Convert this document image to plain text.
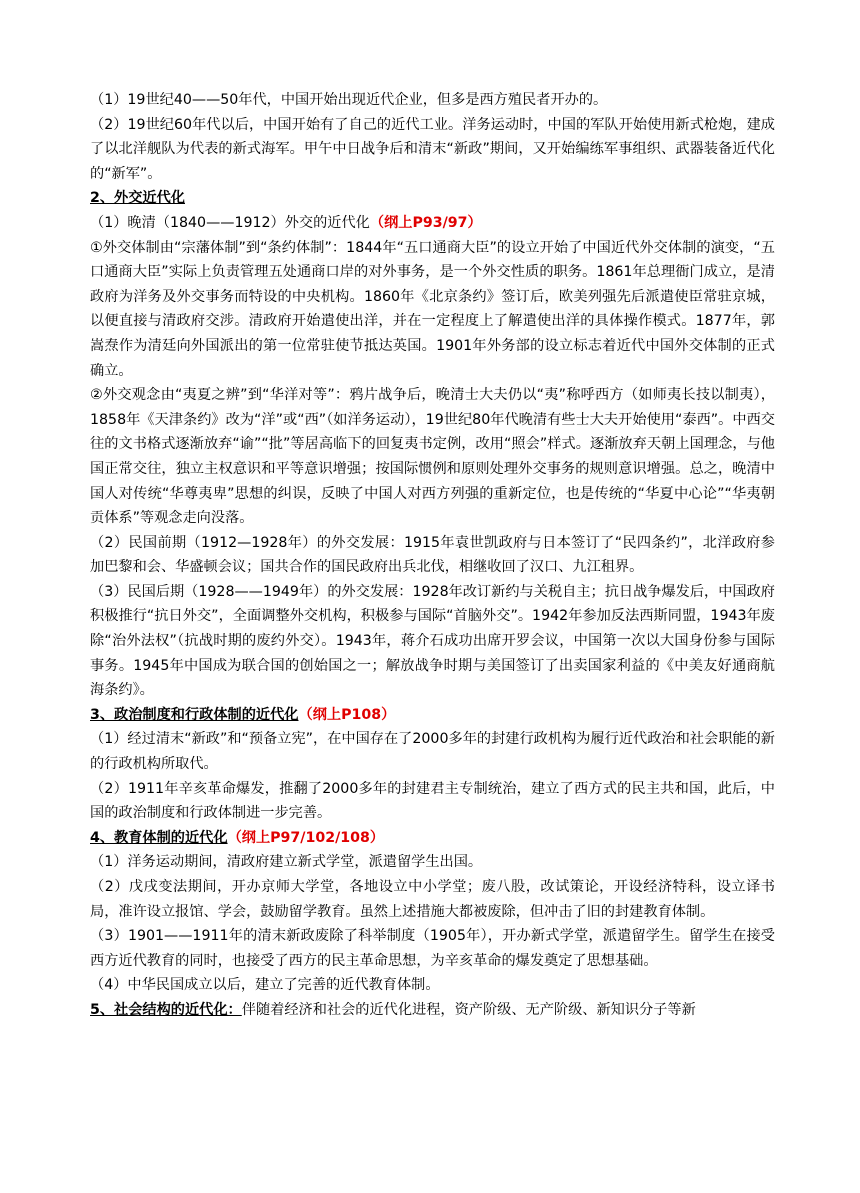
（1）19世纪40——50年代，中国开始出现近代企业，但多是西方殖民者开办的。

（2）19世纪60年代以后，中国开始有了自己的近代工业。洋务运动时，中国的军队开始使用新式枪炮，建成了以北洋舰队为代表的新式海军。甲午中日战争后和清末“新政”期间，又开始编练军事组织、武器装备近代化的“新军”。

2、外交近代化

（1）晚清（1840——1912）外交的近代化（纲上P93/97）

①外交体制由“宗藩体制”到“条约体制”：1844年“五口通商大臣”的设立开始了中国近代外交体制的演变，“五口通商大臣”实际上负责管理五处通商口岸的对外事务，是一个外交性质的职务。1861年总理衙门成立，是清政府为洋务及外交事务而特设的中央机构。1860年《北京条约》签订后，欧美列强先后派遣使臣常驻京城，以便直接与清政府交涉。清政府开始遣使出洋，并在一定程度上了解遣使出洋的具体操作模式。1877年，郭嵩焘作为清廷向外国派出的第一位常驻使节抵达英国。1901年外务部的设立标志着近代中国外交体制的正式确立。

②外交观念由“夷夏之辨”到“华洋对等”：鸦片战争后，晚清士大夫仍以“夷”称呼西方（如师夷长技以制夷），1858年《天津条约》改为“洋”或“西”（如洋务运动），19世纪80年代晚清有些士大夫开始使用“泰西”。中西交往的文书格式逐渐放弃“谕”“批”等居高临下的回复夷书定例，改用“照会”样式。逐渐放弃天朝上国理念，与他国正常交往，独立主权意识和平等意识增强；按国际惯例和原则处理外交事务的规则意识增强。总之，晚清中国人对传统“华尊夷卑”思想的纠误，反映了中国人对西方列强的重新定位，也是传统的“华夏中心论”“华夷朝贡体系”等观念走向没落。

（2）民国前期（1912—1928年）的外交发展：1915年袁世凯政府与日本签订了“民四条约”，北洋政府参加巴黎和会、华盛顿会议；国共合作的国民政府出兵北伐，相继收回了汉口、九江租界。

（3）民国后期（1928——1949年）的外交发展：1928年改订新约与关税自主；抗日战争爆发后，中国政府积极推行“抗日外交”，全面调整外交机构，积极参与国际“首脑外交”。1942年参加反法西斯同盟，1943年废除“治外法权”（抗战时期的废约外交）。1943年，蒋介石成功出席开罗会议，中国第一次以大国身份参与国际事务。1945年中国成为联合国的创始国之一；解放战争时期与美国签订了出卖国家利益的《中美友好通商航海条约》。

3、政治制度和行政体制的近代化（纲上P108）

（1）经过清末“新政”和“预备立宪”，在中国存在了2000多年的封建行政机构为履行近代政治和社会职能的新的行政机构所取代。

（2）1911年辛亥革命爆发，推翻了2000多年的封建君主专制统治，建立了西方式的民主共和国，此后，中国的政治制度和行政体制进一步完善。

4、教育体制的近代化（纲上P97/102/108）

（1）洋务运动期间，清政府建立新式学堂，派遣留学生出国。

（2）戊戌变法期间，开办京师大学堂，各地设立中小学堂；废八股，改试策论，开设经济特科，设立译书局，准许设立报馆、学会，鼓励留学教育。虽然上述措施大都被废除，但冲击了旧的封建教育体制。

（3）1901——1911年的清末新政废除了科举制度（1905年），开办新式学堂，派遣留学生。留学生在接受西方近代教育的同时，也接受了西方的民主革命思想，为辛亥革命的爆发奠定了思想基础。

（4）中华民国成立以后，建立了完善的近代教育体制。

5、社会结构的近代化：伴随着经济和社会的近代化进程，资产阶级、无产阶级、新知识分子等新
